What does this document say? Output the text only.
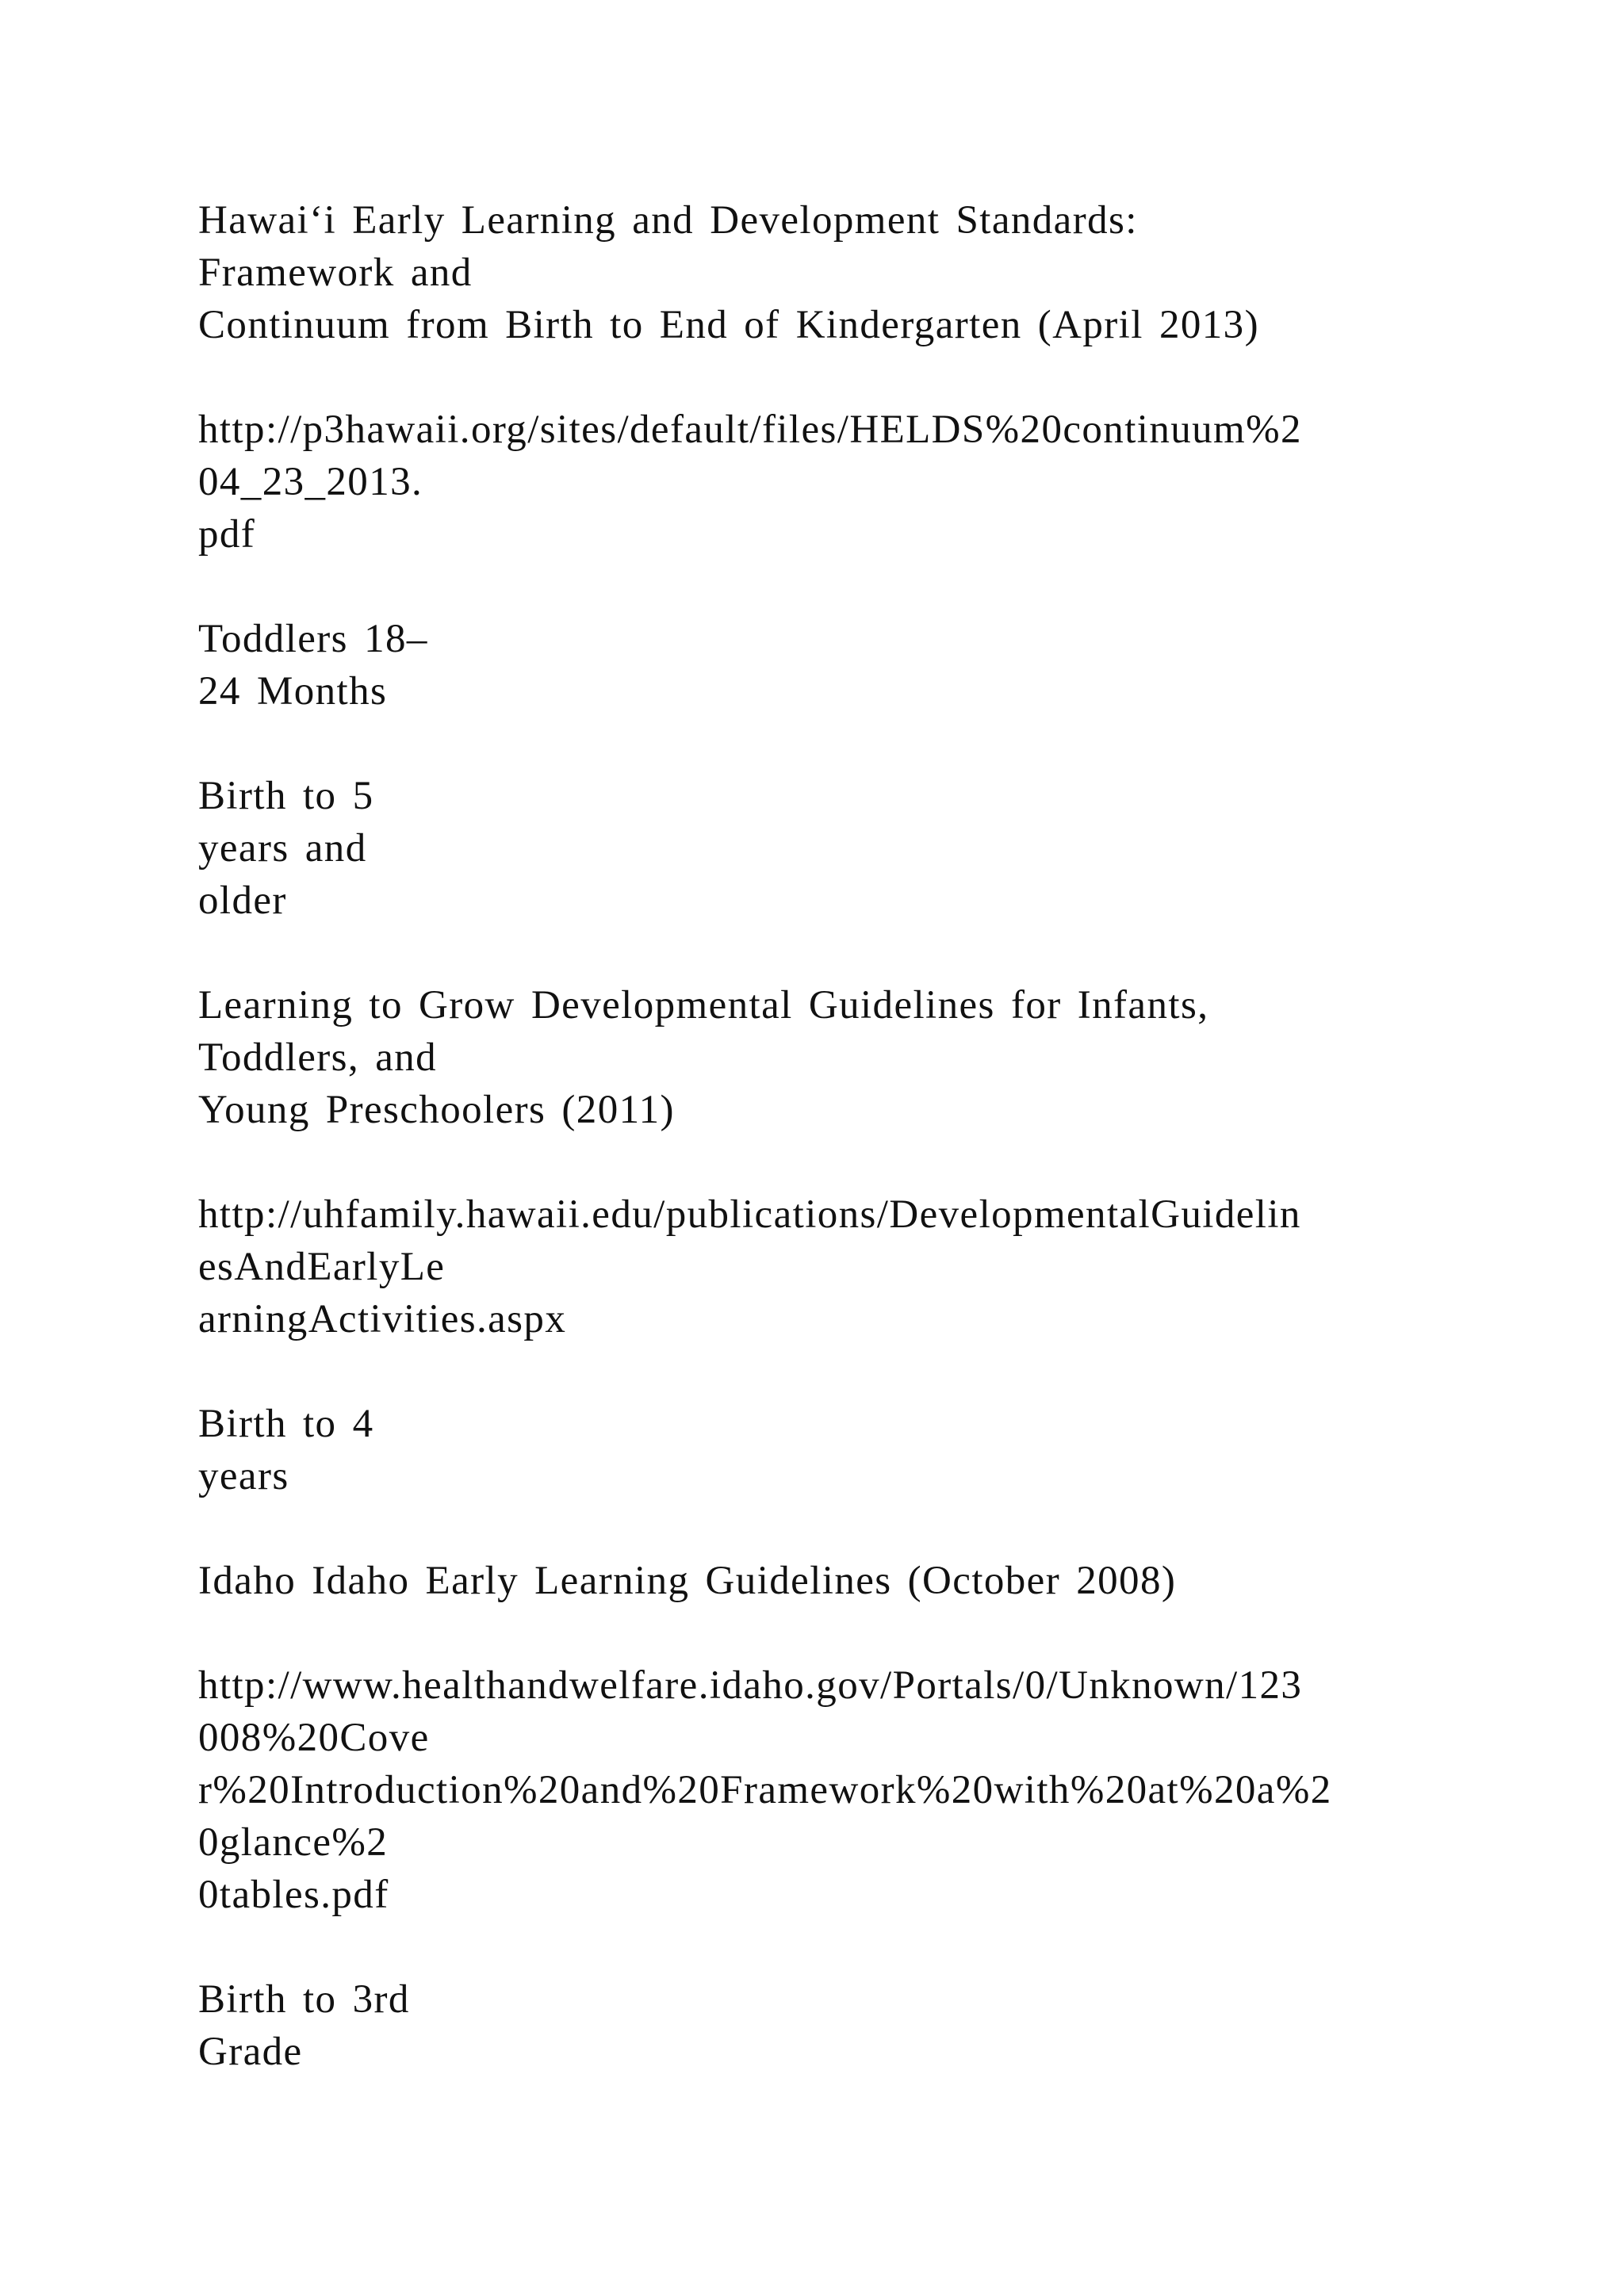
Hawai‘i Early Learning and Development Standards:
Framework and
Continuum from Birth to End of Kindergarten (April 2013)
http://p3hawaii.org/sites/default/files/HELDS%20continuum%2
04_23_2013.
pdf
Toddlers 18–
24 Months
Birth to 5
years and
older
Learning to Grow Developmental Guidelines for Infants,
Toddlers, and
Young Preschoolers (2011)
http://uhfamily.hawaii.edu/publications/DevelopmentalGuidelin
esAndEarlyLe
arningActivities.aspx
Birth to 4
years
Idaho Idaho Early Learning Guidelines (October 2008)
http://www.healthandwelfare.idaho.gov/Portals/0/Unknown/123
008%20Cove
r%20Introduction%20and%20Framework%20with%20at%20a%2
0glance%2
0tables.pdf
Birth to 3rd
Grade
